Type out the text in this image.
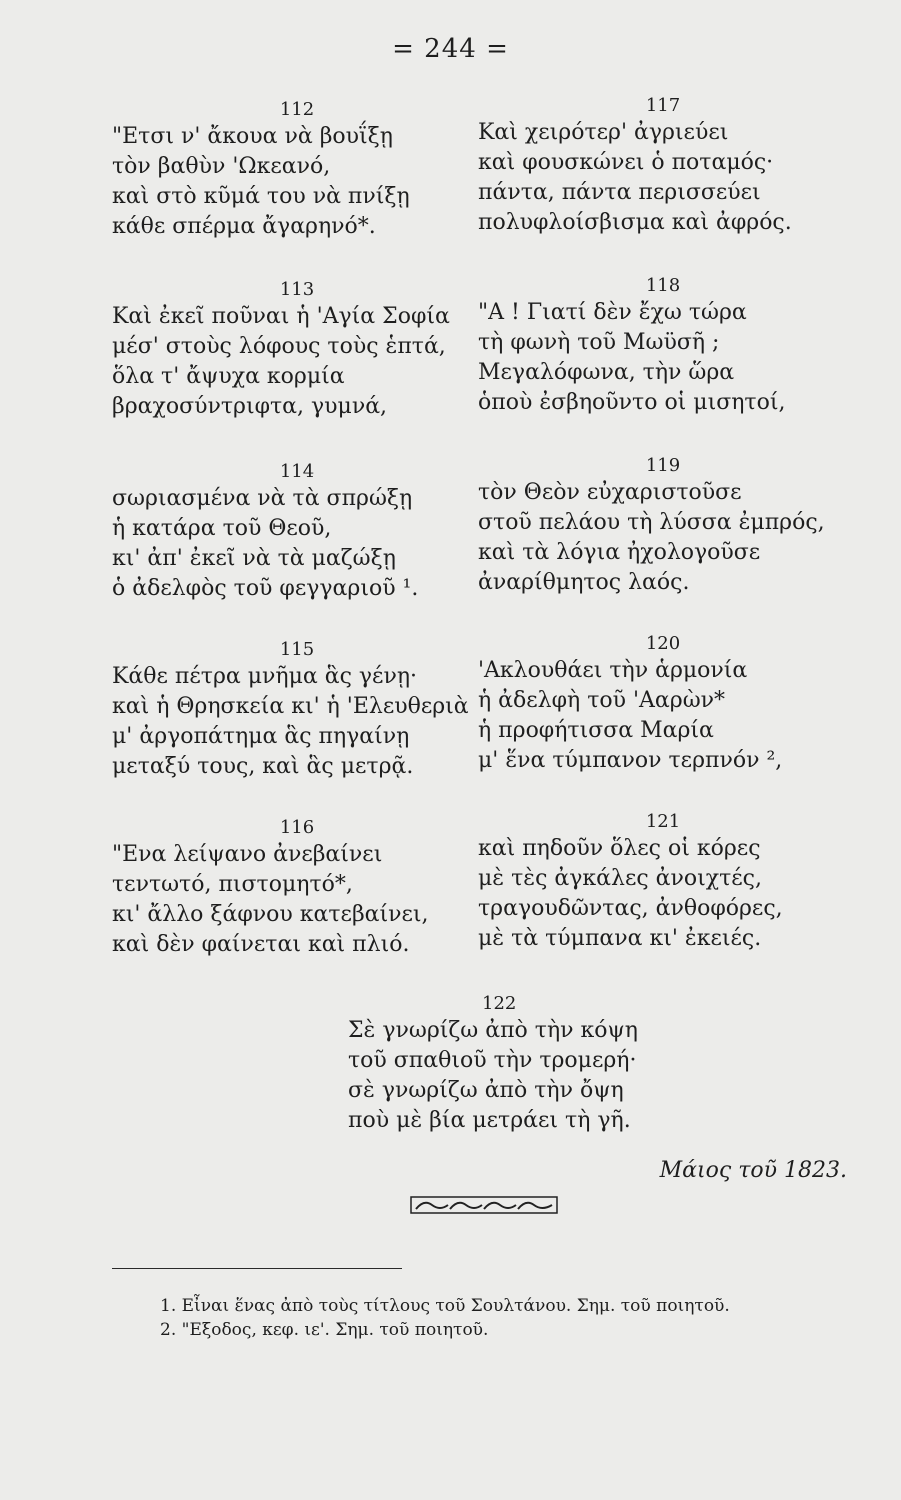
= 244 =
112
"Ετσι ν' ἄκουα νὰ βουΐξῃ
τὸν βαθὺν 'Ωκεανό,
καὶ στὸ κῦμά του νὰ πνίξῃ
κάθε σπέρμα ἄγαρηνό*.
113
Καὶ ἐκεῖ ποῦναι ἡ 'Αγία Σοφία
μέσ' στοὺς λόφους τοὺς ἑπτά,
ὅλα τ' ἄψυχα κορμία
βραχοσύντριφτα, γυμνά,
114
σωριασμένα νὰ τὰ σπρώξῃ
ἡ κατάρα τοῦ Θεοῦ,
κι' ἀπ' ἐκεῖ νὰ τὰ μαζώξῃ
ὁ ἀδελφὸς τοῦ φεγγαριοῦ ¹.
115
Κάθε πέτρα μνῆμα ἃς γένῃ·
καὶ ἡ Θρησκεία κι' ἡ 'Ελευθεριὰ
μ' ἀργοπάτημα ἃς πηγαίνῃ
μεταξύ τους, καὶ ἃς μετρᾷ.
116
"Ενα λείψανο ἀνεβαίνει
τεντωτό, πιστομητό*,
κι' ἄλλο ξάφνου κατεβαίνει,
καὶ δὲν φαίνεται καὶ πλιό.
117
Καὶ χειρότερ' ἀγριεύει
καὶ φουσκώνει ὁ ποταμός·
πάντα, πάντα περισσεύει
πολυφλοίσβισμα καὶ ἀφρός.
118
"Α ! Γιατί δὲν ἔχω τώρα
τὴ φωνὴ τοῦ Μωϋσῆ ;
Μεγαλόφωνα, τὴν ὥρα
ὁποὺ ἐσβηοῦντο οἱ μισητοί,
119
τὸν Θεὸν εὐχαριστοῦσε
στοῦ πελάου τὴ λύσσα ἐμπρός,
καὶ τὰ λόγια ἠχολογοῦσε
ἀναρίθμητος λαός.
120
'Ακλουθάει τὴν ἁρμονία
ἡ ἀδελφὴ τοῦ 'Ααρὼν*
ἡ προφήτισσα Μαρία
μ' ἕνα τύμπανον τερπνόν ²,
121
καὶ πηδοῦν ὅλες οἱ κόρες
μὲ τὲς ἀγκάλες ἀνοιχτές,
τραγουδῶντας, ἀνθοφόρες,
μὲ τὰ τύμπανα κι' ἐκειές.
122
Σὲ γνωρίζω ἀπὸ τὴν κόψη
τοῦ σπαθιοῦ τὴν τρομερή·
σὲ γνωρίζω ἀπὸ τὴν ὄψη
ποὺ μὲ βία μετράει τὴ γῆ.
Μάιος τοῦ 1823.
1. Εἶναι ἕνας ἀπὸ τοὺς τίτλους τοῦ Σουλτάνου. Σημ. τοῦ ποιητοῦ.
2. "Εξοδος, κεφ. ιε'. Σημ. τοῦ ποιητοῦ.
